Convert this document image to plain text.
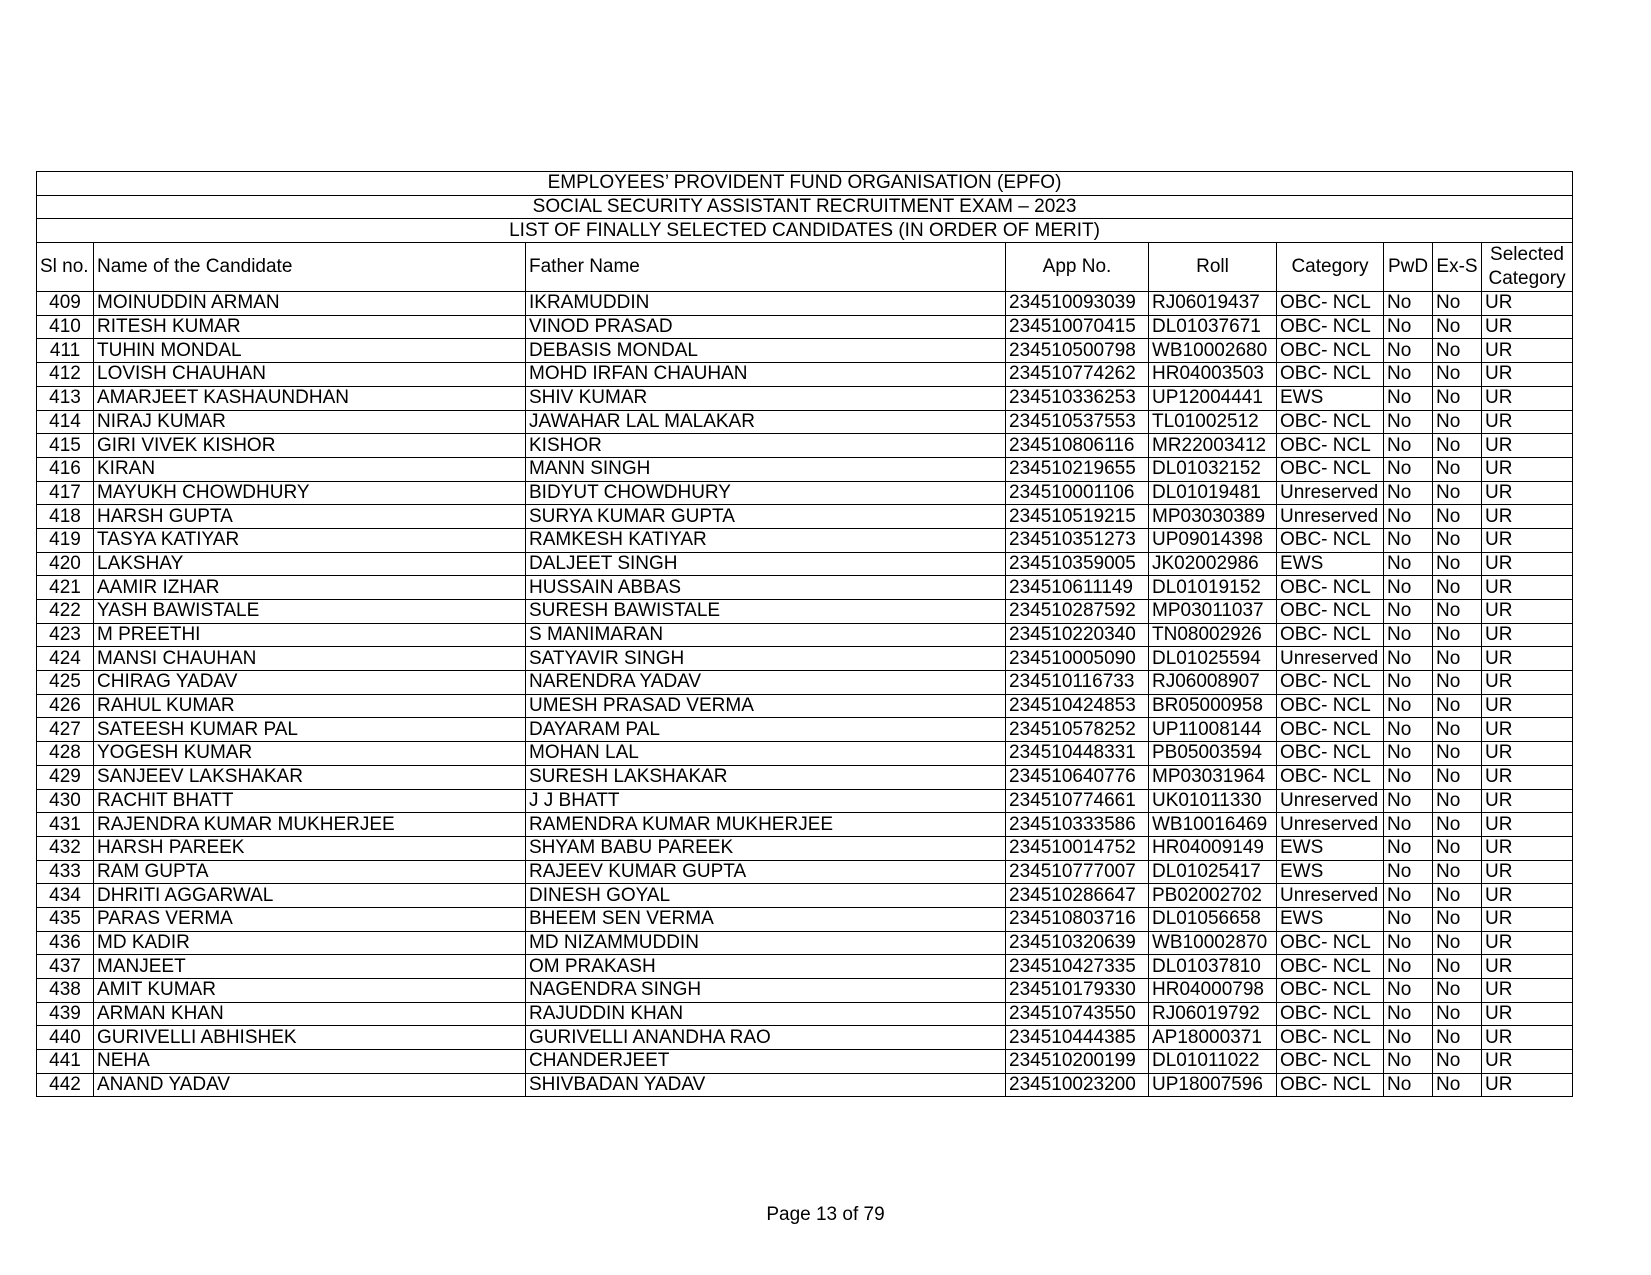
EMPLOYEES’ PROVIDENT FUND ORGANISATION (EPFO)								
SOCIAL SECURITY ASSISTANT RECRUITMENT EXAM – 2023								
LIST OF FINALLY SELECTED CANDIDATES (IN ORDER OF MERIT)								
Sl no.	Name of the Candidate	Father Name	App No.	Roll	Category	PwD	Ex-S	Selected Category
409	MOINUDDIN ARMAN	IKRAMUDDIN	234510093039	RJ06019437	OBC- NCL	No	No	UR
410	RITESH KUMAR	VINOD PRASAD	234510070415	DL01037671	OBC- NCL	No	No	UR
411	TUHIN MONDAL	DEBASIS MONDAL	234510500798	WB10002680	OBC- NCL	No	No	UR
412	LOVISH CHAUHAN	MOHD IRFAN CHAUHAN	234510774262	HR04003503	OBC- NCL	No	No	UR
413	AMARJEET KASHAUNDHAN	SHIV KUMAR	234510336253	UP12004441	EWS	No	No	UR
414	NIRAJ KUMAR	JAWAHAR LAL MALAKAR	234510537553	TL01002512	OBC- NCL	No	No	UR
415	GIRI VIVEK KISHOR	KISHOR	234510806116	MR22003412	OBC- NCL	No	No	UR
416	KIRAN	MANN SINGH	234510219655	DL01032152	OBC- NCL	No	No	UR
417	MAYUKH CHOWDHURY	BIDYUT CHOWDHURY	234510001106	DL01019481	Unreserved	No	No	UR
418	HARSH GUPTA	SURYA KUMAR GUPTA	234510519215	MP03030389	Unreserved	No	No	UR
419	TASYA KATIYAR	RAMKESH KATIYAR	234510351273	UP09014398	OBC- NCL	No	No	UR
420	LAKSHAY	DALJEET SINGH	234510359005	JK02002986	EWS	No	No	UR
421	AAMIR IZHAR	HUSSAIN ABBAS	234510611149	DL01019152	OBC- NCL	No	No	UR
422	YASH BAWISTALE	SURESH BAWISTALE	234510287592	MP03011037	OBC- NCL	No	No	UR
423	M PREETHI	S MANIMARAN	234510220340	TN08002926	OBC- NCL	No	No	UR
424	MANSI CHAUHAN	SATYAVIR SINGH	234510005090	DL01025594	Unreserved	No	No	UR
425	CHIRAG YADAV	NARENDRA YADAV	234510116733	RJ06008907	OBC- NCL	No	No	UR
426	RAHUL KUMAR	UMESH PRASAD VERMA	234510424853	BR05000958	OBC- NCL	No	No	UR
427	SATEESH KUMAR PAL	DAYARAM PAL	234510578252	UP11008144	OBC- NCL	No	No	UR
428	YOGESH KUMAR	MOHAN LAL	234510448331	PB05003594	OBC- NCL	No	No	UR
429	SANJEEV LAKSHAKAR	SURESH LAKSHAKAR	234510640776	MP03031964	OBC- NCL	No	No	UR
430	RACHIT BHATT	J J BHATT	234510774661	UK01011330	Unreserved	No	No	UR
431	RAJENDRA KUMAR MUKHERJEE	RAMENDRA KUMAR MUKHERJEE	234510333586	WB10016469	Unreserved	No	No	UR
432	HARSH PAREEK	SHYAM BABU PAREEK	234510014752	HR04009149	EWS	No	No	UR
433	RAM GUPTA	RAJEEV KUMAR GUPTA	234510777007	DL01025417	EWS	No	No	UR
434	DHRITI AGGARWAL	DINESH GOYAL	234510286647	PB02002702	Unreserved	No	No	UR
435	PARAS VERMA	BHEEM SEN VERMA	234510803716	DL01056658	EWS	No	No	UR
436	MD KADIR	MD NIZAMMUDDIN	234510320639	WB10002870	OBC- NCL	No	No	UR
437	MANJEET	OM PRAKASH	234510427335	DL01037810	OBC- NCL	No	No	UR
438	AMIT KUMAR	NAGENDRA SINGH	234510179330	HR04000798	OBC- NCL	No	No	UR
439	ARMAN KHAN	RAJUDDIN KHAN	234510743550	RJ06019792	OBC- NCL	No	No	UR
440	GURIVELLI ABHISHEK	GURIVELLI ANANDHA RAO	234510444385	AP18000371	OBC- NCL	No	No	UR
441	NEHA	CHANDERJEET	234510200199	DL01011022	OBC- NCL	No	No	UR
442	ANAND YADAV	SHIVBADAN YADAV	234510023200	UP18007596	OBC- NCL	No	No	UR
Page 13 of 79
